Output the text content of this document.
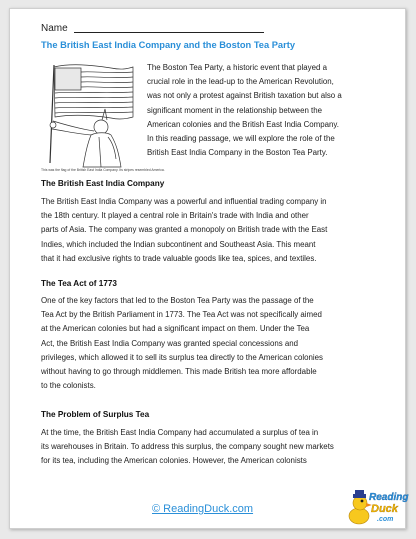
Name
The British East India Company and the Boston Tea Party
This was the flag of the British East India Company. Its stripes resembled America.

The Boston Tea Party, a historic event that played a
crucial role in the lead-up to the American Revolution,
was not only a protest against British taxation but also a
significant moment in the relationship between the
American colonies and the British East India Company.
In this reading passage, we will explore the role of the
British East India Company in the Boston Tea Party.

The British East India Company

The British East India Company was a powerful and influential trading company in
the 18th century. It played a central role in Britain's trade with India and other
parts of Asia. The company was granted a monopoly on British trade with the East
Indies, which included the Indian subcontinent and Southeast Asia. This meant
that it had exclusive rights to trade valuable goods like tea, spices, and textiles.

The Tea Act of 1773

One of the key factors that led to the Boston Tea Party was the passage of the
Tea Act by the British Parliament in 1773. The Tea Act was not specifically aimed
at the American colonies but had a significant impact on them. Under the Tea
Act, the British East India Company was granted special concessions and
privileges, which allowed it to sell its surplus tea directly to the American colonies
without having to go through middlemen. This made British tea more affordable
to the colonists.

The Problem of Surplus Tea

At the time, the British East India Company had accumulated a surplus of tea in
its warehouses in Britain. To address this surplus, the company sought new markets
for its tea, including the American colonies. However, the American colonists

© ReadingDuck.com
Reading
Duck
.com
